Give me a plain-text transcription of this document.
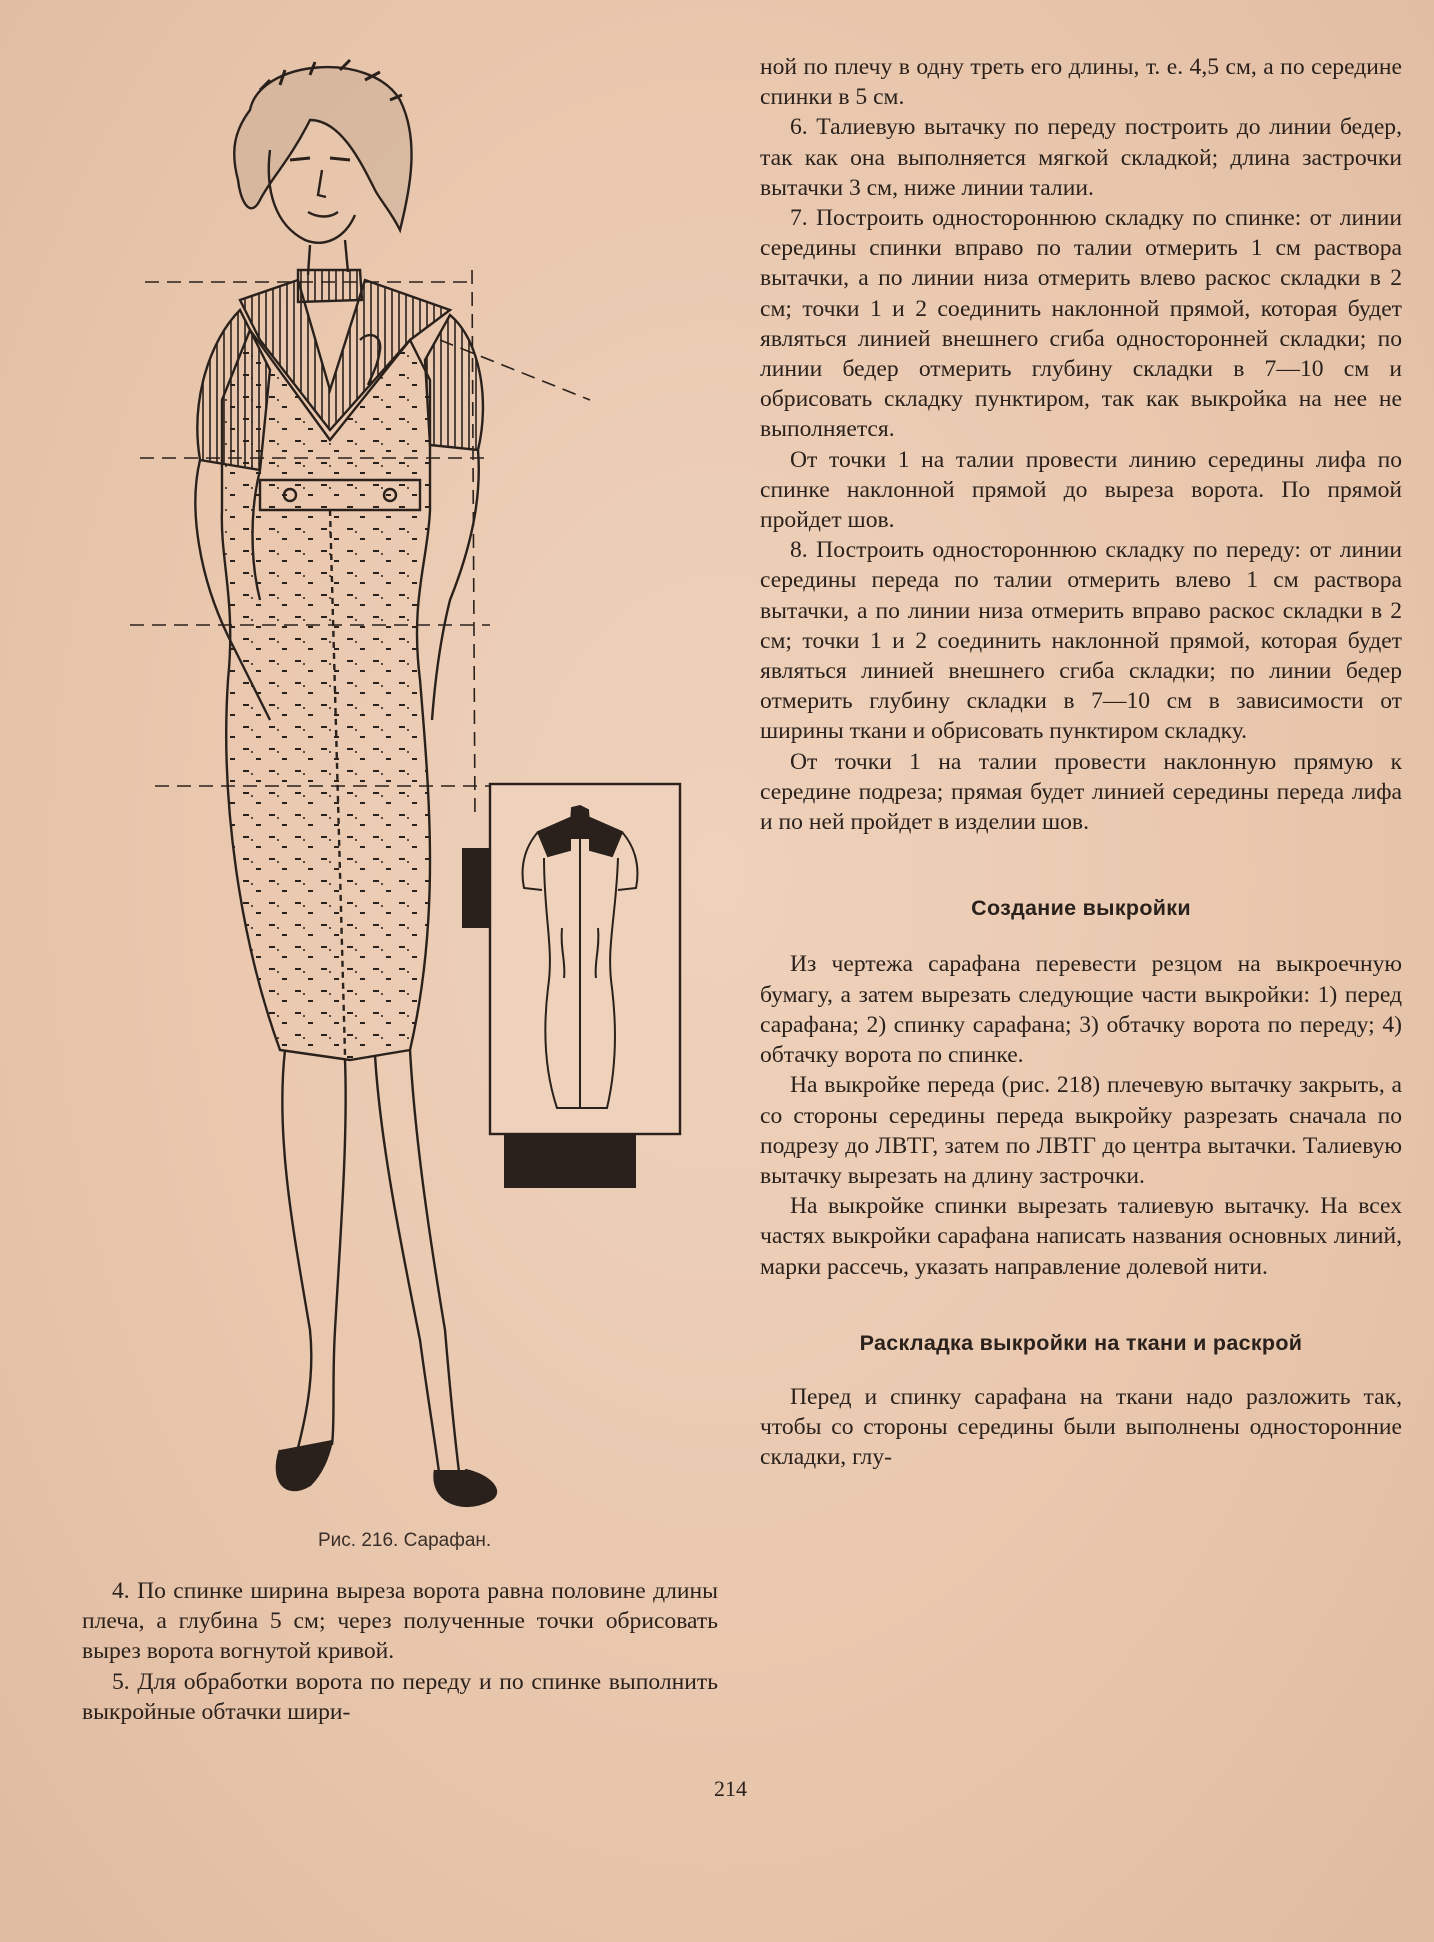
Рис. 216. Сарафан.

ной по плечу в одну треть его длины, т. е. 4,5 см, а по середине спинки в 5 см.

6. Талиевую вытачку по переду построить до линии бедер, так как она выполняется мягкой складкой; длина застрочки вытачки 3 см, ниже линии талии.

7. Построить одностороннюю складку по спинке: от линии середины спинки вправо по талии отмерить 1 см раствора вытачки, а по линии низа отмерить влево раскос складки в 2 см; точки 1 и 2 соединить наклонной прямой, которая будет являться линией внешнего сгиба односторонней складки; по линии бедер отмерить глубину складки в 7—10 см и обрисовать складку пунктиром, так как выкройка на нее не выполняется.

От точки 1 на талии провести линию середины лифа по спинке наклонной прямой до выреза ворота. По прямой пройдет шов.

8. Построить одностороннюю складку по переду: от линии середины переда по талии отмерить влево 1 см раствора вытачки, а по линии низа отмерить вправо раскос складки в 2 см; точки 1 и 2 соединить наклонной прямой, которая будет являться линией внешнего сгиба складки; по линии бедер отмерить глубину складки в 7—10 см в зависимости от ширины ткани и обрисовать пунктиром складку.

От точки 1 на талии провести наклонную прямую к середине подреза; прямая будет линией середины переда лифа и по ней пройдет в изделии шов.

Создание выкройки

Из чертежа сарафана перевести резцом на выкроечную бумагу, а затем вырезать следующие части выкройки: 1) перед сарафана; 2) спинку сарафана; 3) обтачку ворота по переду; 4) обтачку ворота по спинке.

На выкройке переда (рис. 218) плечевую вытачку закрыть, а со стороны середины переда выкройку разрезать сначала по подрезу до ЛВТГ, затем по ЛВТГ до центра вытачки. Талиевую вытачку вырезать на длину застрочки.

На выкройке спинки вырезать талиевую вытачку. На всех частях выкройки сарафана написать названия основных линий, марки рассечь, указать направление долевой нити.

Раскладка выкройки на ткани и раскрой

Перед и спинку сарафана на ткани надо разложить так, чтобы со стороны середины были выполнены односторонние складки, глу-

4. По спинке ширина выреза ворота равна половине длины плеча, а глубина 5 см; через полученные точки обрисовать вырез ворота вогнутой кривой.

5. Для обработки ворота по переду и по спинке выполнить выкройные обтачки шири-

214
